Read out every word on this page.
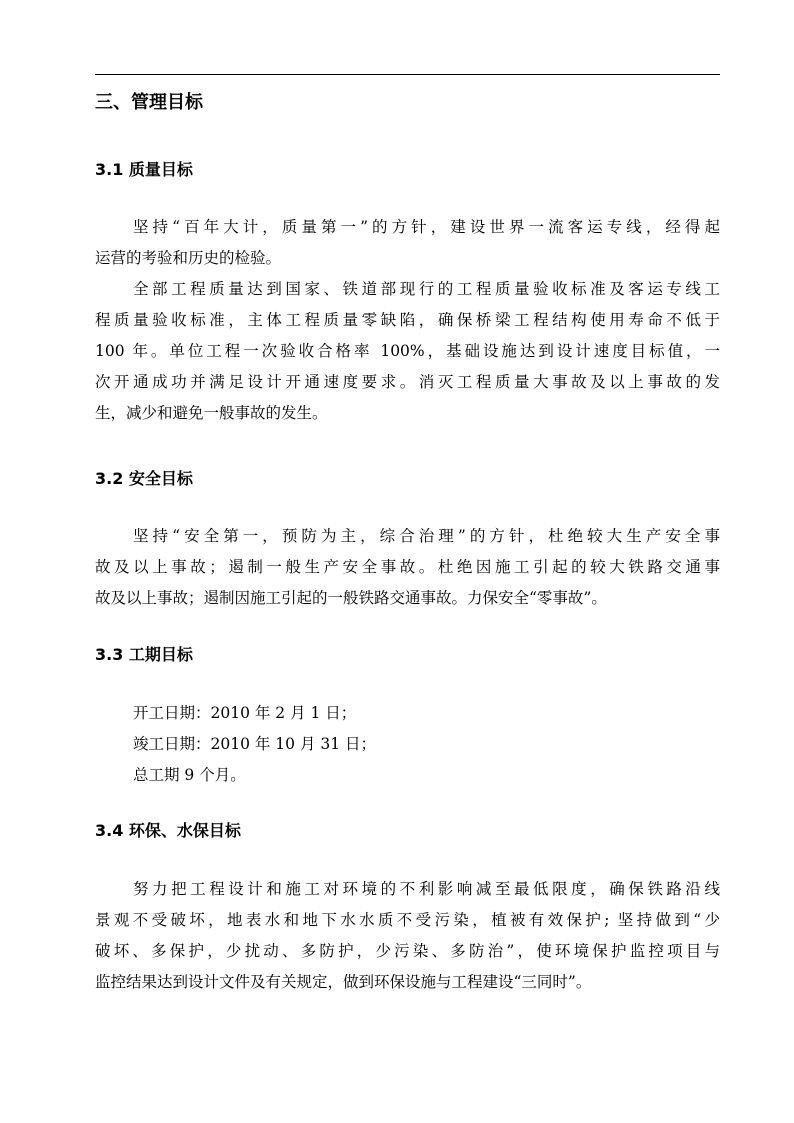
三、管理目标
3.1 质量目标
坚持“百年大计，质量第一”的方针，建设世界一流客运专线，经得起
运营的考验和历史的检验。
全部工程质量达到国家、铁道部现行的工程质量验收标准及客运专线工
程质量验收标准，主体工程质量零缺陷，确保桥梁工程结构使用寿命不低于
100 年。单位工程一次验收合格率 100%，基础设施达到设计速度目标值，一
次开通成功并满足设计开通速度要求。消灭工程质量大事故及以上事故的发
生，减少和避免一般事故的发生。
3.2 安全目标
坚持“安全第一，预防为主，综合治理”的方针，杜绝较大生产安全事
故及以上事故；遏制一般生产安全事故。杜绝因施工引起的较大铁路交通事
故及以上事故；遏制因施工引起的一般铁路交通事故。力保安全“零事故”。
3.3 工期目标
开工日期：2010 年 2 月 1 日；
竣工日期：2010 年 10 月 31 日；
总工期 9 个月。
3.4 环保、水保目标
努力把工程设计和施工对环境的不利影响减至最低限度，确保铁路沿线
景观不受破坏，地表水和地下水水质不受污染，植被有效保护; 坚持做到“少
破坏、多保护，少扰动、多防护，少污染、多防治”，使环境保护监控项目与
监控结果达到设计文件及有关规定，做到环保设施与工程建设“三同时”。
